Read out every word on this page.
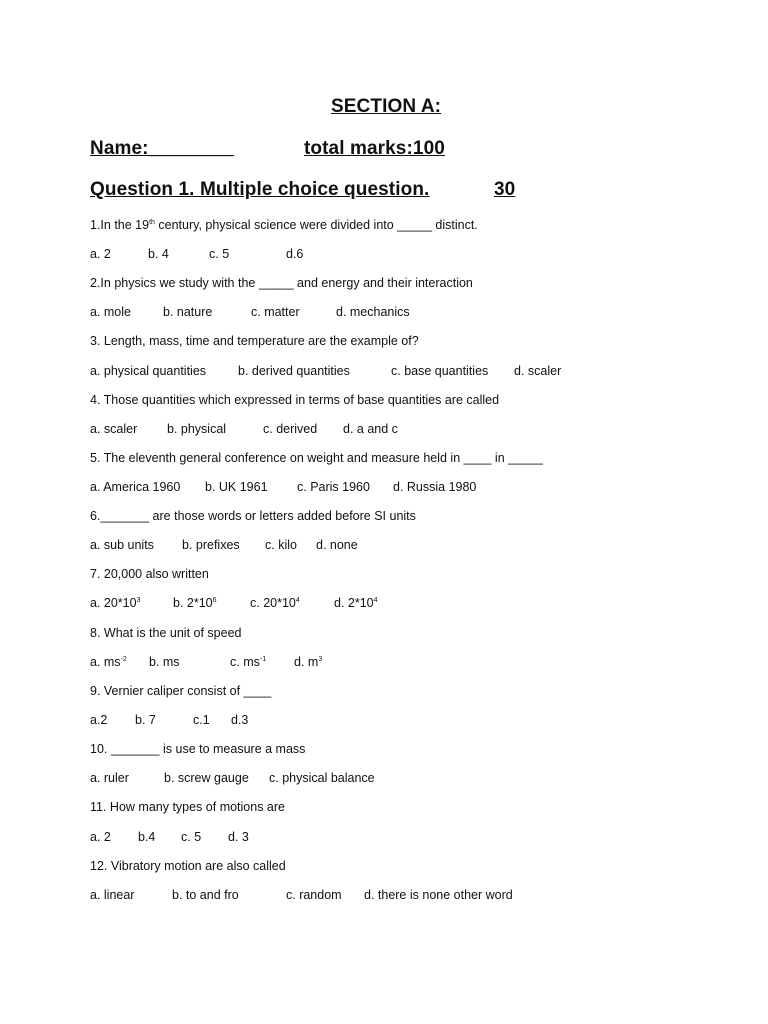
SECTION A:
Name:________	total marks:100
Question 1. Multiple choice question.	30
1.In the 19th century, physical science were divided into _____ distinct.
a. 2	b. 4	c. 5	d.6
2.In physics we study with the _____ and energy and their interaction
a. mole	b. nature	c. matter	d. mechanics
3. Length, mass, time and temperature are the example of?
a. physical quantities	b. derived quantities	c. base quantities d. scaler
4. Those quantities which expressed in terms of base quantities are called
a. scaler b. physical	c. derived d. a and c
5. The eleventh general conference on weight and measure held in ____ in _____
a. America 1960 b. UK 1961 c. Paris 1960 d. Russia 1980
6._______ are those words or letters added before SI units
a. sub units b. prefixes c. kilo d. none
7. 20,000 also written
a. $20*10^3$	b. $2*10^6$	c. $20*10^4$	d. $2*10^4$
8. What is the unit of speed
a. $ms^{-2}$ b. ms	c. $ms^{-1}$ d. $m^3$
9. Vernier caliper consist of ____
a.2 b. 7	c.1 d.3
10. _______ is use to measure a mass
a. ruler	b. screw gauge c. physical balance
11. How many types of motions are
a. 2 b.4 c. 5 d. 3
12. Vibratory motion are also called
a. linear	b. to and fro	c. random d. there is none other word
